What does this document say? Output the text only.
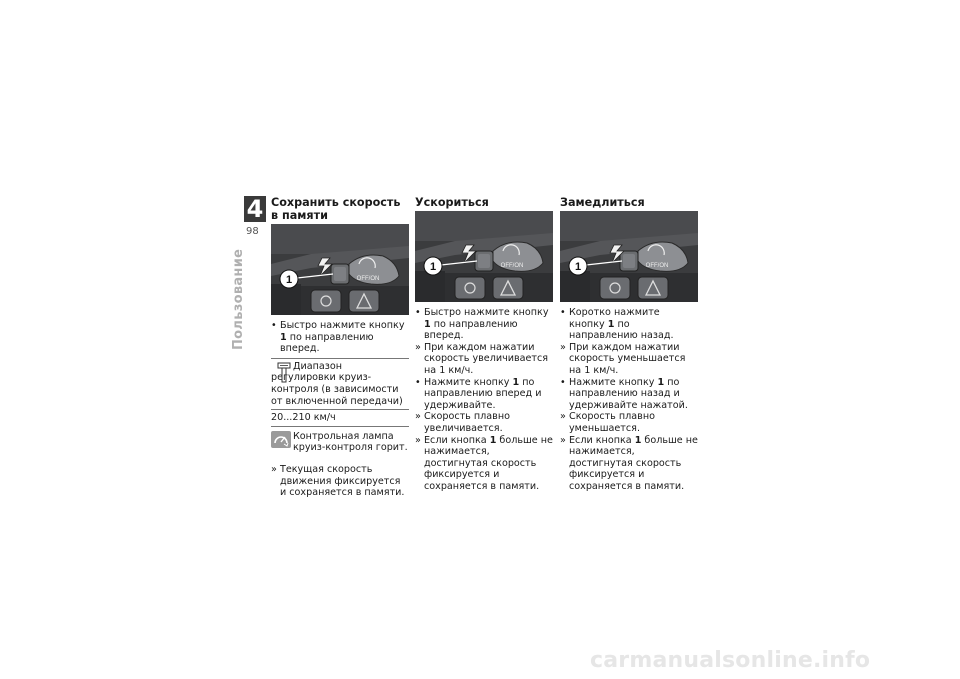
4
98
Пользование
Сохранить скорость
в памяти
OFF/ON
1
• Быстро нажмите кнопку 1 по направлению вперед.
Диапазон регулировки круиз-контроля (в зависимости от включенной передачи)
20...210 км/ч
Контрольная лампа круиз-контроля горит.
» Текущая скорость движения фиксируется и сохраняется в памяти.
Ускориться
OFF/ON
1
• Быстро нажмите кнопку 1 по направлению вперед.
» При каждом нажатии скорость увеличивается на 1 км/ч.
• Нажмите кнопку 1 по направлению вперед и удерживайте.
» Скорость плавно увеличивается.
» Если кнопка 1 больше не нажимается, достигнутая скорость фиксируется и сохраняется в памяти.
Замедлиться
OFF/ON
1
• Коротко нажмите кнопку 1 по направлению назад.
» При каждом нажатии скорость уменьшается на 1 км/ч.
• Нажмите кнопку 1 по направлению назад и удерживайте нажатой.
» Скорость плавно уменьшается.
» Если кнопка 1 больше не нажимается, достигнутая скорость фиксируется и сохраняется в памяти.
carmanualsonline.info
